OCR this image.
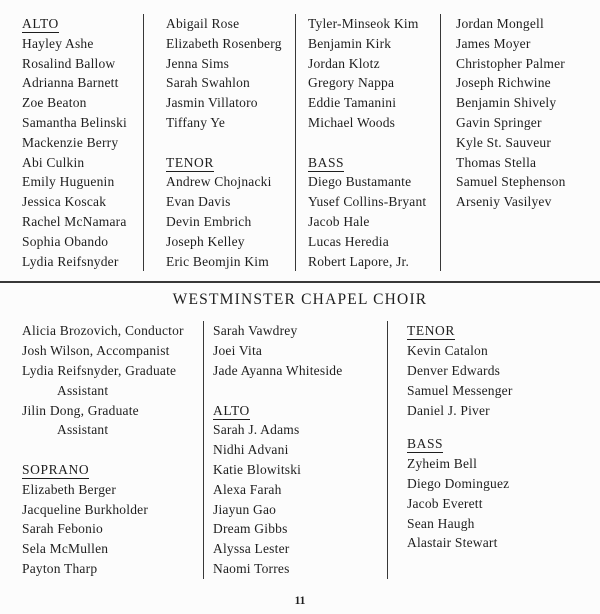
ALTO
Hayley Ashe
Rosalind Ballow
Adrianna Barnett
Zoe Beaton
Samantha Belinski
Mackenzie Berry
Abi Culkin
Emily Huguenin
Jessica Koscak
Rachel McNamara
Sophia Obando
Lydia Reifsnyder
Abigail Rose
Elizabeth Rosenberg
Jenna Sims
Sarah Swahlon
Jasmin Villatoro
Tiffany Ye
TENOR
Andrew Chojnacki
Evan Davis
Devin Embrich
Joseph Kelley
Eric Beomjin Kim
Tyler-Minseok Kim
Benjamin Kirk
Jordan Klotz
Gregory Nappa
Eddie Tamanini
Michael Woods
BASS
Diego Bustamante
Yusef Collins-Bryant
Jacob Hale
Lucas Heredia
Robert Lapore, Jr.
Jordan Mongell
James Moyer
Christopher Palmer
Joseph Richwine
Benjamin Shively
Gavin Springer
Kyle St. Sauveur
Thomas Stella
Samuel Stephenson
Arseniy Vasilyev
WESTMINSTER CHAPEL CHOIR
Alicia Brozovich, Conductor
Josh Wilson, Accompanist
Lydia Reifsnyder, Graduate
Assistant
Jilin Dong, Graduate
Assistant
SOPRANO
Elizabeth Berger
Jacqueline Burkholder
Sarah Febonio
Sela McMullen
Payton Tharp
Sarah Vawdrey
Joei Vita
Jade Ayanna Whiteside
ALTO
Sarah J. Adams
Nidhi Advani
Katie Blowitski
Alexa Farah
Jiayun Gao
Dream Gibbs
Alyssa Lester
Naomi Torres
TENOR
Kevin Catalon
Denver Edwards
Samuel Messenger
Daniel J. Piver
BASS
Zyheim Bell
Diego Dominguez
Jacob Everett
Sean Haugh
Alastair Stewart
11
